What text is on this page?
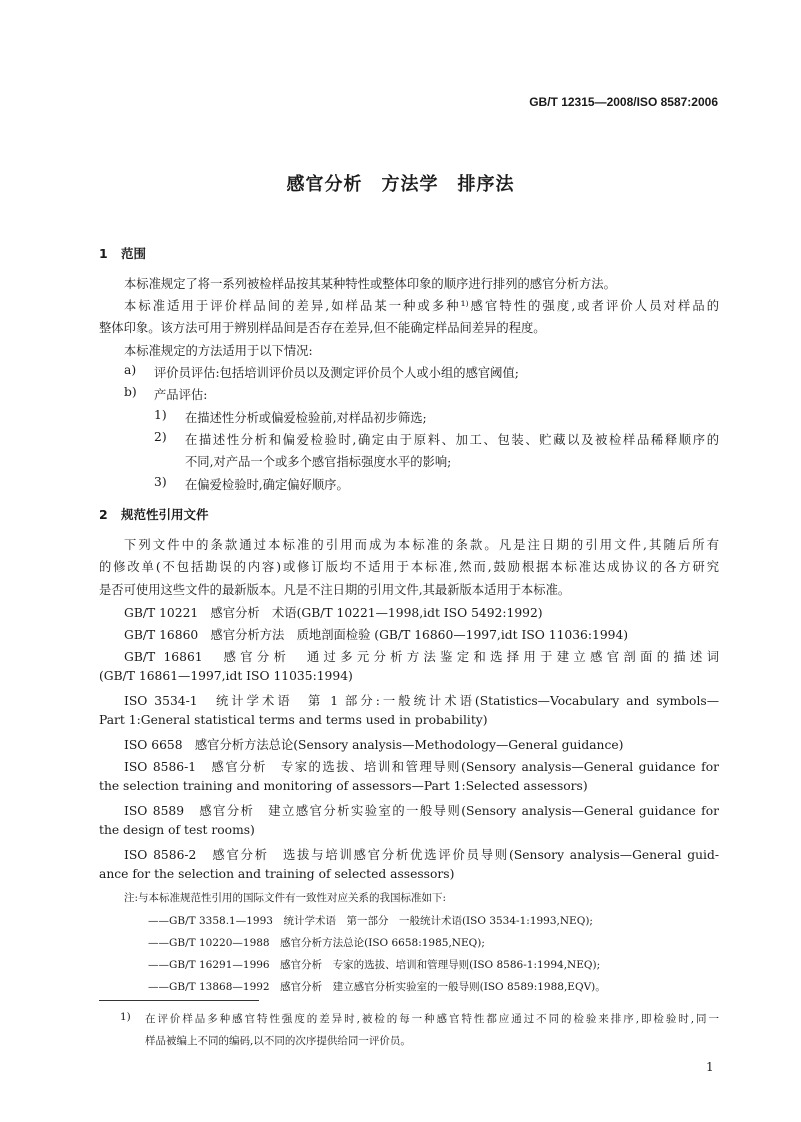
GB/T 12315—2008/ISO 8587:2006
感官分析　方法学　排序法
1 范围
本标准规定了将一系列被检样品按其某种特性或整体印象的顺序进行排列的感官分析方法。
本标准适用于评价样品间的差异,如样品某一种或多种¹⁾感官特性的强度,或者评价人员对样品的
整体印象。该方法可用于辨别样品间是否存在差异,但不能确定样品间差异的程度。
本标准规定的方法适用于以下情况:
a) 评价员评估:包括培训评价员以及测定评价员个人或小组的感官阈值;
b) 产品评估:
1) 在描述性分析或偏爱检验前,对样品初步筛选;
2) 在描述性分析和偏爱检验时,确定由于原料、加工、包装、贮藏以及被检样品稀释顺序的
不同,对产品一个或多个感官指标强度水平的影响;
3) 在偏爱检验时,确定偏好顺序。
2 规范性引用文件
下列文件中的条款通过本标准的引用而成为本标准的条款。凡是注日期的引用文件,其随后所有
的修改单(不包括勘误的内容)或修订版均不适用于本标准,然而,鼓励根据本标准达成协议的各方研究
是否可使用这些文件的最新版本。凡是不注日期的引用文件,其最新版本适用于本标准。
GB/T 10221　感官分析　术语(GB/T 10221—1998,idt ISO 5492:1992)
GB/T 16860　感官分析方法　质地剖面检验 (GB/T 16860—1997,idt ISO 11036:1994)
GB/T 16861　感官分析　通过多元分析方法鉴定和选择用于建立感官剖面的描述词
(GB/T 16861—1997,idt ISO 11035:1994)
ISO 3534-1　统计学术语　第 1 部分:一般统计术语(Statistics—Vocabulary and symbols—
Part 1:General statistical terms and terms used in probability)
ISO 6658　感官分析方法总论(Sensory analysis—Methodology—General guidance)
ISO 8586-1　感官分析　专家的选拔、培训和管理导则(Sensory analysis—General guidance for
the selection training and monitoring of assessors—Part 1:Selected assessors)
ISO 8589　感官分析　建立感官分析实验室的一般导则(Sensory analysis—General guidance for
the design of test rooms)
ISO 8586-2　感官分析　选拔与培训感官分析优选评价员导则(Sensory analysis—General guid-
ance for the selection and training of selected assessors)
注:与本标准规范性引用的国际文件有一致性对应关系的我国标准如下:
——GB/T 3358.1—1993　统计学术语　第一部分　一般统计术语(ISO 3534-1:1993,NEQ);
——GB/T 10220—1988　感官分析方法总论(ISO 6658:1985,NEQ);
——GB/T 16291—1996　感官分析　专家的选拔、培训和管理导则(ISO 8586-1:1994,NEQ);
——GB/T 13868—1992　感官分析　建立感官分析实验室的一般导则(ISO 8589:1988,EQV)。
1) 在评价样品多种感官特性强度的差异时,被检的每一种感官特性都应通过不同的检验来排序,即检验时,同一
样品被编上不同的编码,以不同的次序提供给同一评价员。
1
